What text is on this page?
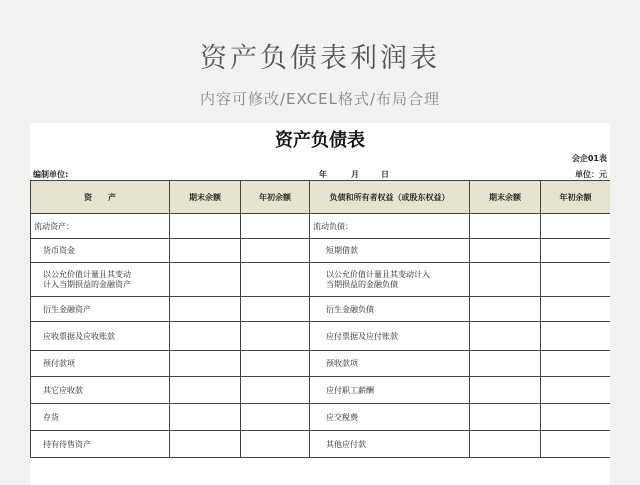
资产负债表利润表
内容可修改/EXCEL格式/布局合理
资产负债表
会企01表
编制单位:	年	月	日	单位：元
资　　产	期末余额	年初余额	负债和所有者权益（或股东权益）	期末余额	年初余额
流动资产：			流动负债：		
货币资金			短期借款		

以公允价值计量且其变动
计入当期损益的金融资产			以公允价值计量且其变动计入
当期损益的金融负债		

衍生金融资产			衍生金融负债		
应收票据及应收账款			应付票据及应付账款		
预付款项			预收款项		
其它应收款			应付职工薪酬		
存货			应交税费		
持有待售资产			其他应付款		
